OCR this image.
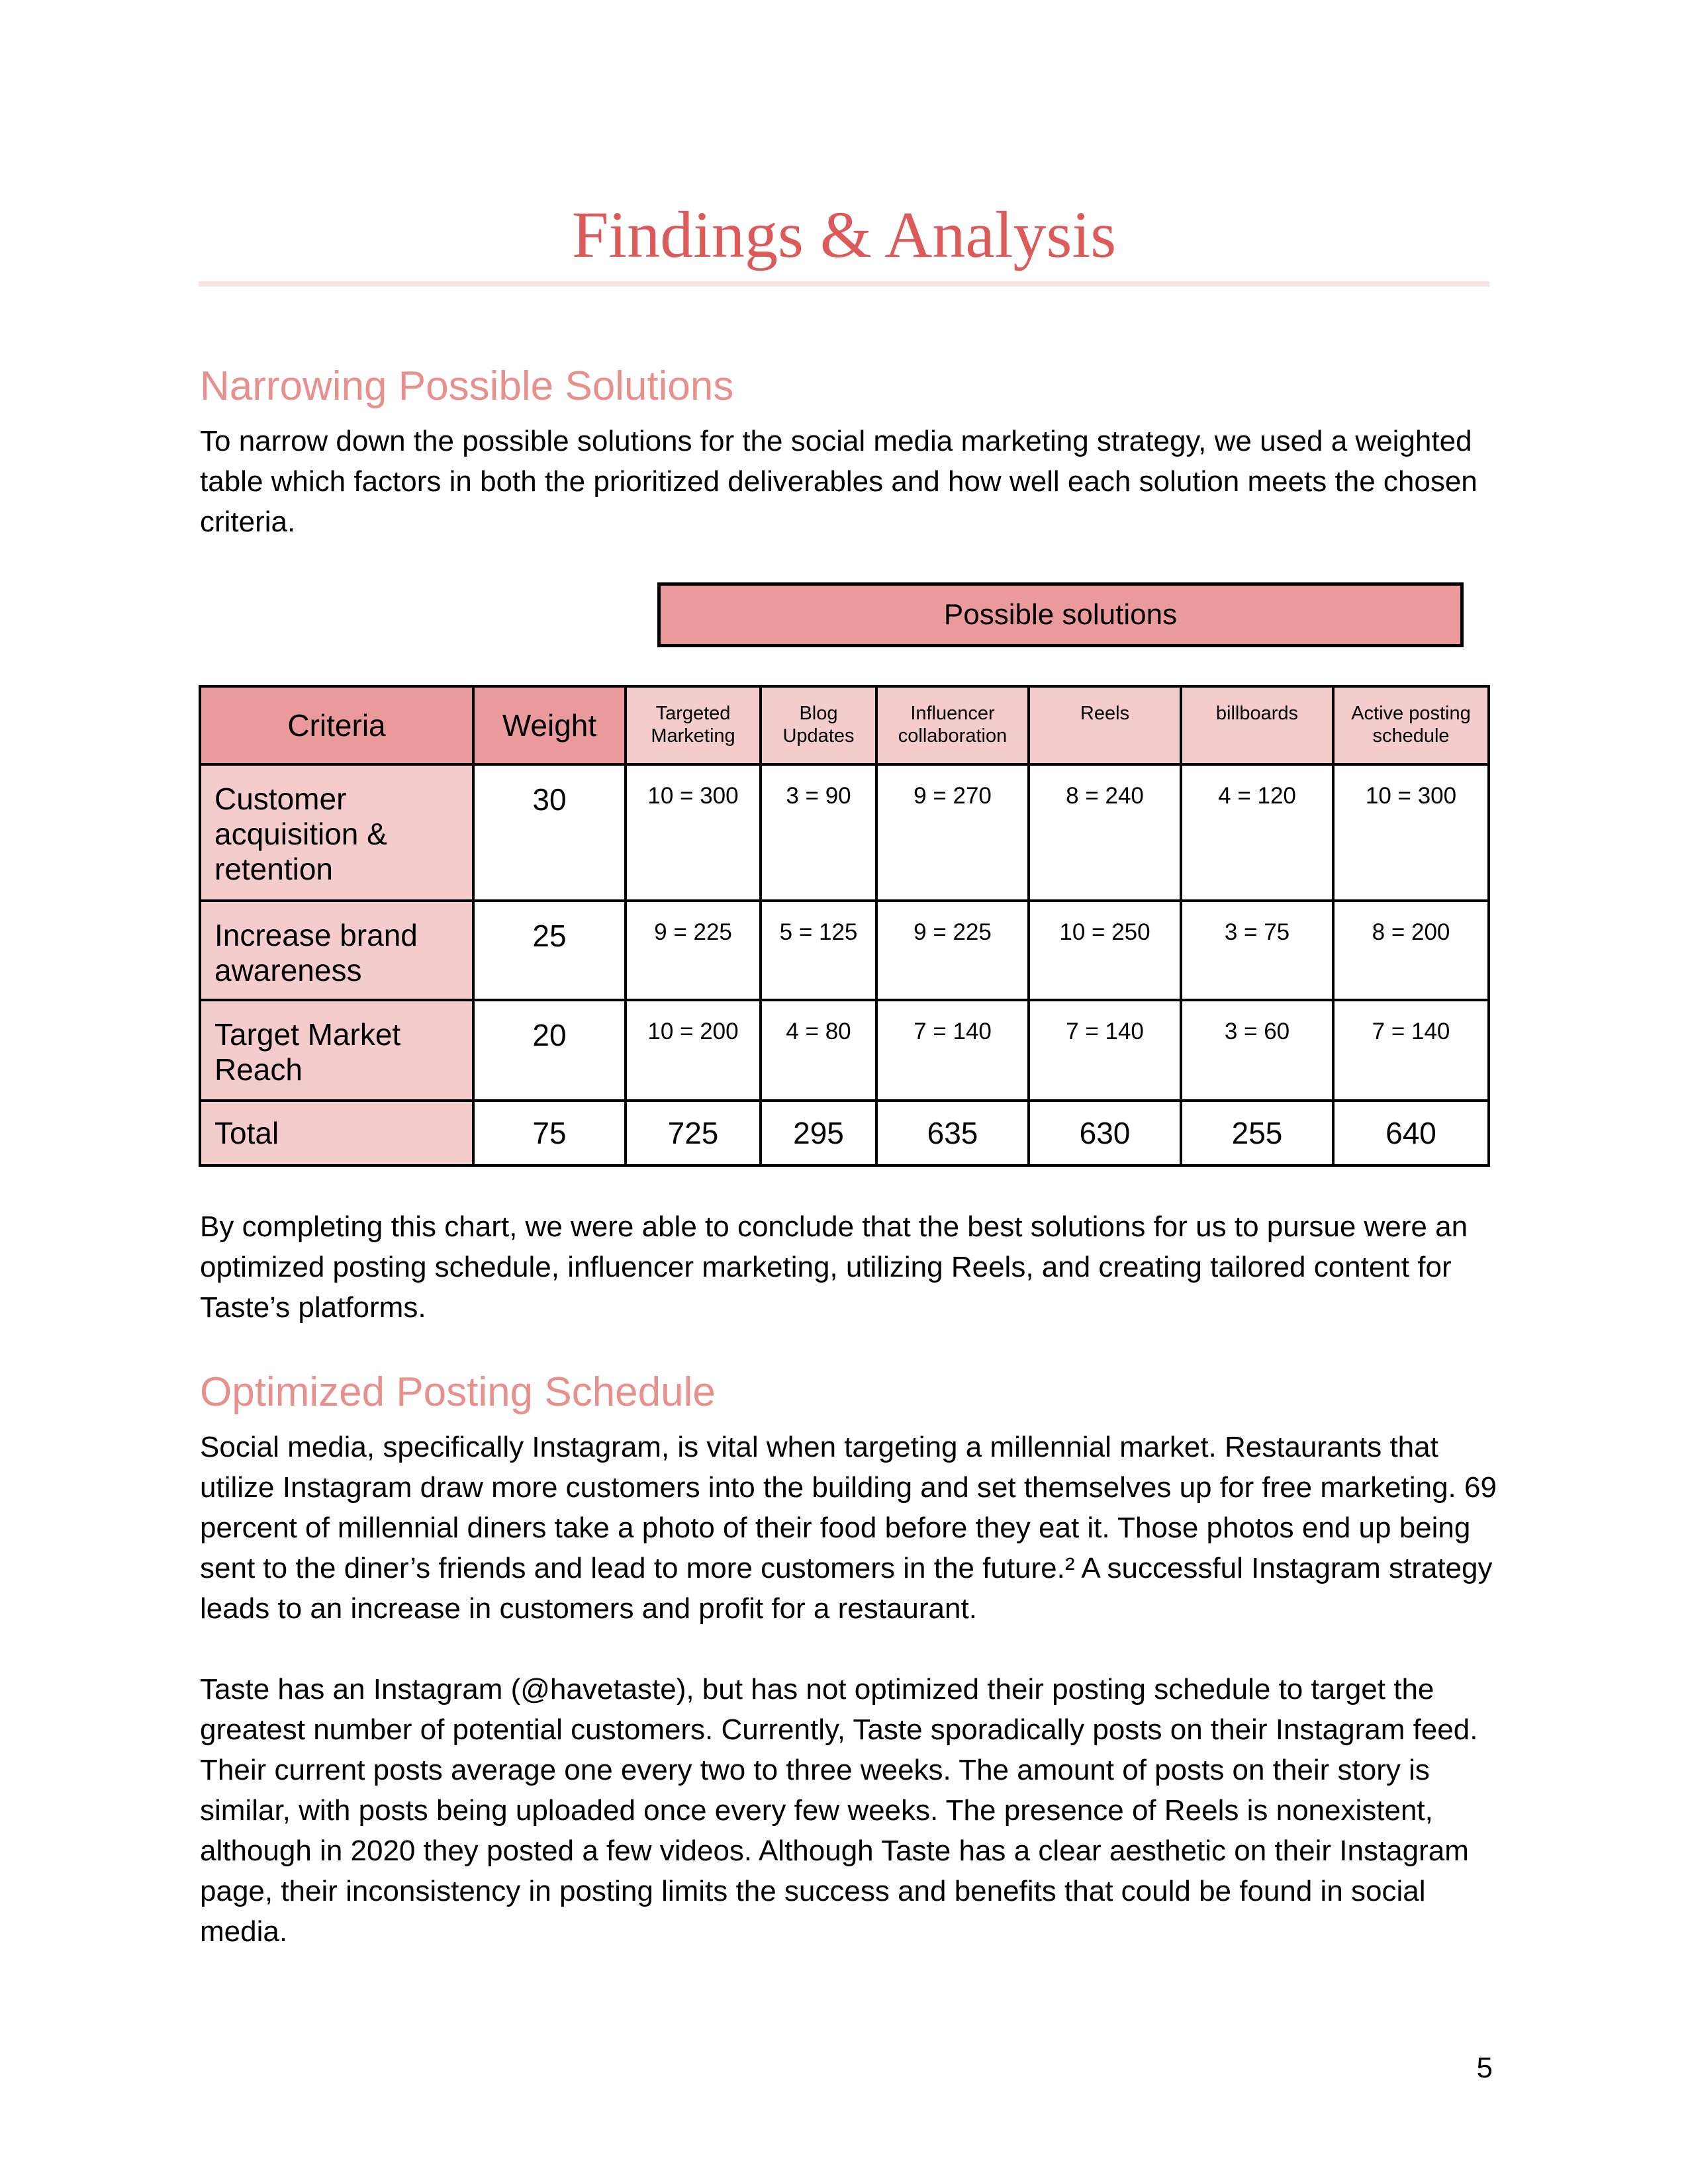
Findings & Analysis
Narrowing Possible Solutions

To narrow down the possible solutions for the social media marketing strategy, we used a weighted table which factors in both the prioritized deliverables and how well each solution meets the chosen criteria.

Possible solutions
Criteria	Weight	Targeted Marketing	Blog Updates	Influencer collaboration	Reels	billboards	Active posting schedule
Customer acquisition & retention	30	10 = 300	3 = 90	9 = 270	8 = 240	4 = 120	10 = 300
Increase brand awareness	25	9 = 225	5 = 125	9 = 225	10 = 250	3 = 75	8 = 200
Target Market Reach	20	10 = 200	4 = 80	7 = 140	7 = 140	3 = 60	7 = 140
Total	75	725	295	635	630	255	640

By completing this chart, we were able to conclude that the best solutions for us to pursue were an optimized posting schedule, influencer marketing, utilizing Reels, and creating tailored content for Taste’s platforms.

Optimized Posting Schedule

Social media, specifically Instagram, is vital when targeting a millennial market. Restaurants that utilize Instagram draw more customers into the building and set themselves up for free marketing. 69 percent of millennial diners take a photo of their food before they eat it. Those photos end up being sent to the diner’s friends and lead to more customers in the future.² A successful Instagram strategy leads to an increase in customers and profit for a restaurant.

Taste has an Instagram (@havetaste), but has not optimized their posting schedule to target the greatest number of potential customers. Currently, Taste sporadically posts on their Instagram feed. Their current posts average one every two to three weeks. The amount of posts on their story is similar, with posts being uploaded once every few weeks. The presence of Reels is nonexistent, although in 2020 they posted a few videos. Although Taste has a clear aesthetic on their Instagram page, their inconsistency in posting limits the success and benefits that could be found in social media.

5
